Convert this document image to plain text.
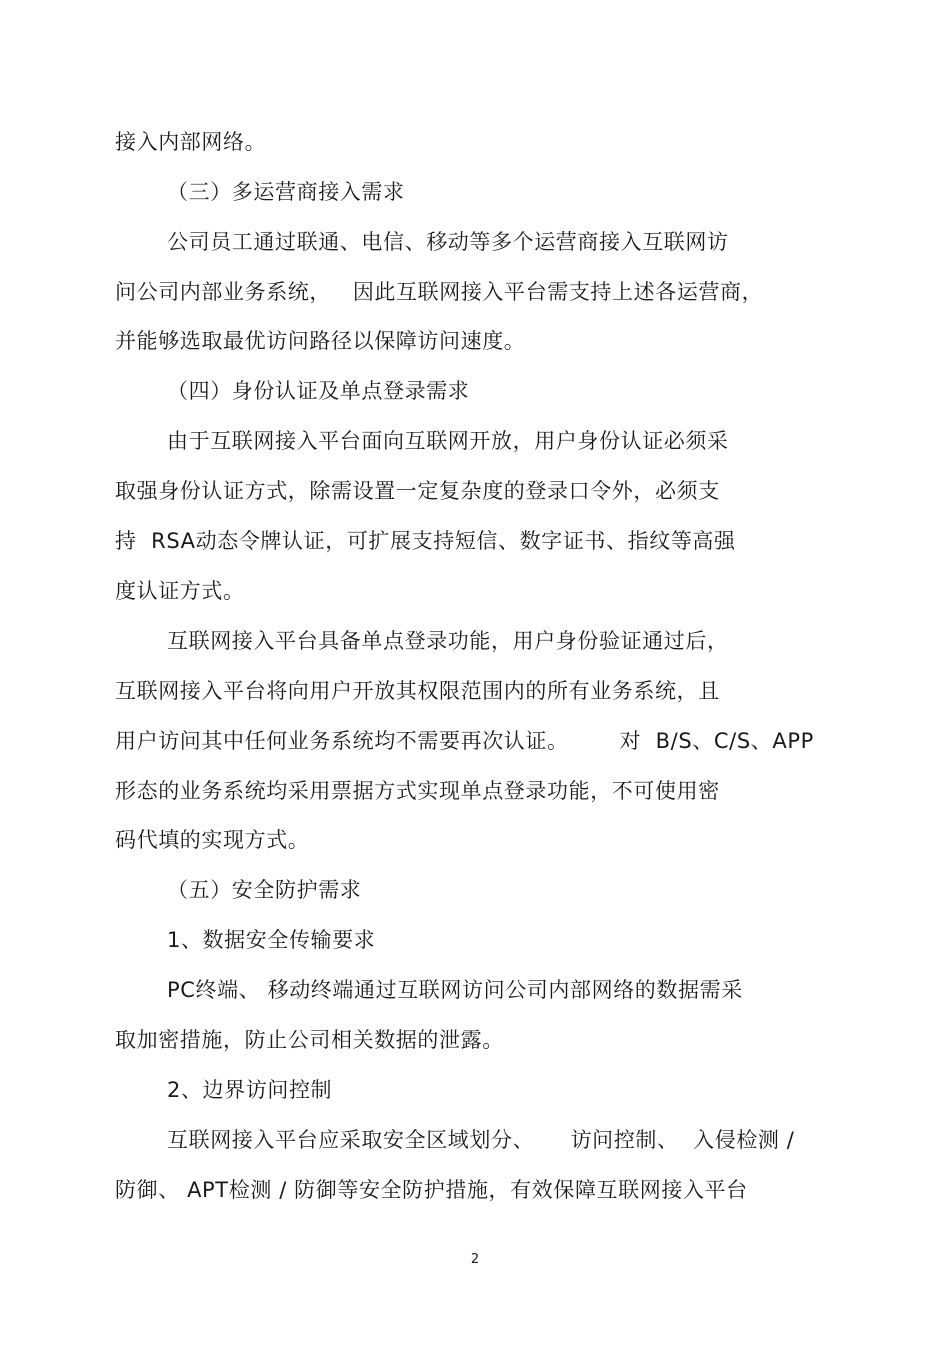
接入内部网络。
（三）多运营商接入需求
公司员工通过联通、电信、移动等多个运营商接入互联网访
问公司内部业务系统，   因此互联网接入平台需支持上述各运营商，
并能够选取最优访问路径以保障访问速度。
（四）身份认证及单点登录需求
由于互联网接入平台面向互联网开放，用户身份认证必须采
取强身份认证方式，除需设置一定复杂度的登录口令外，必须支
持  RSA动态令牌认证，可扩展支持短信、数字证书、指纹等高强
度认证方式。
互联网接入平台具备单点登录功能，用户身份验证通过后，
互联网接入平台将向用户开放其权限范围内的所有业务系统，且
用户访问其中任何业务系统均不需要再次认证。       对  B/S、C/S、APP
形态的业务系统均采用票据方式实现单点登录功能，不可使用密
码代填的实现方式。
（五）安全防护需求
1、数据安全传输要求
PC终端、 移动终端通过互联网访问公司内部网络的数据需采
取加密措施，防止公司相关数据的泄露。
2、边界访问控制
互联网接入平台应采取安全区域划分、     访问控制、  入侵检测 /
防御、 APT检测 / 防御等安全防护措施，有效保障互联网接入平台
2
